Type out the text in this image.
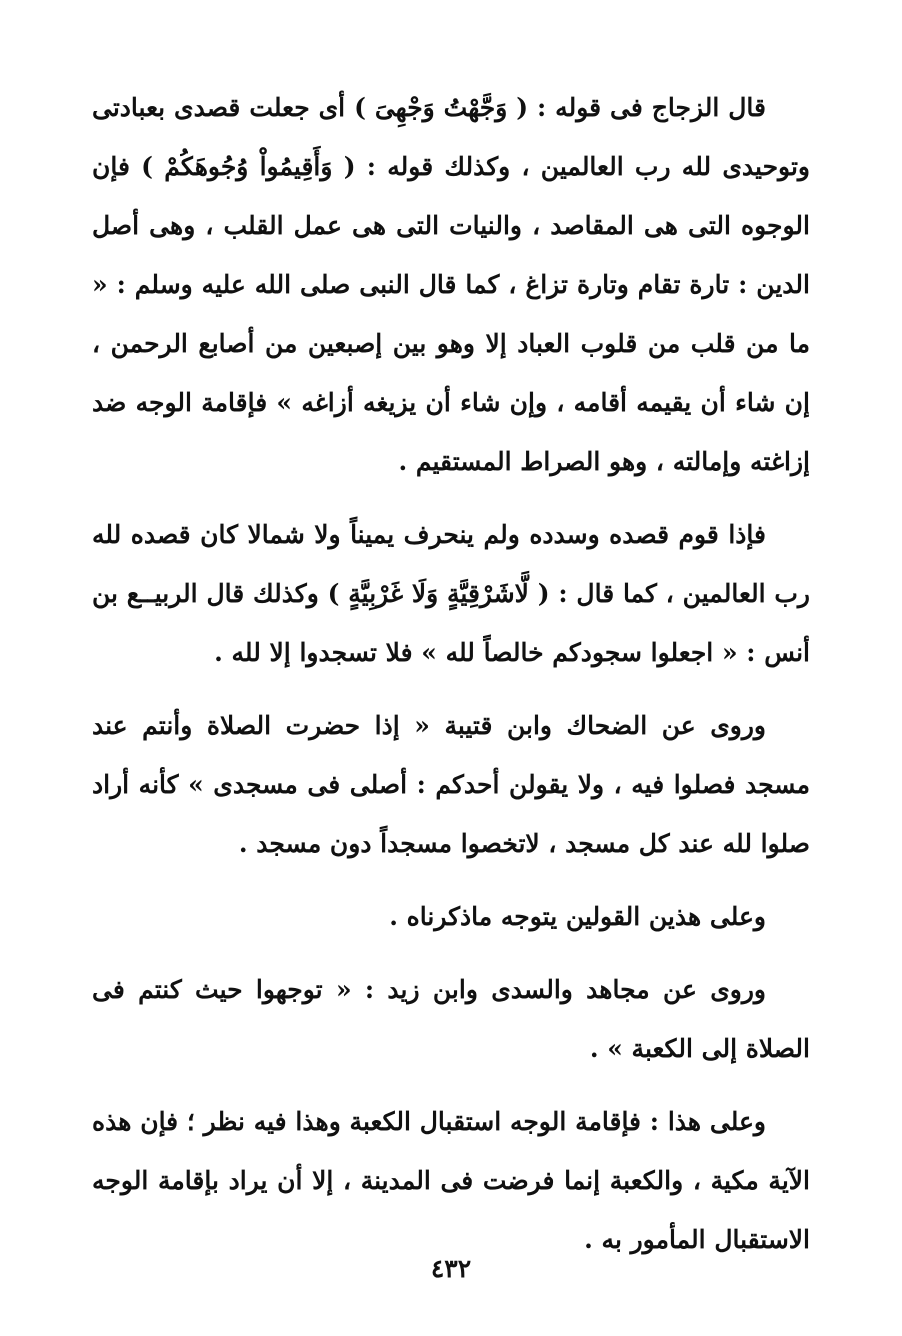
قال الزجاج فى قوله : ( وَجَّهْتُ وَجْهِىَ ) أى جعلت قصدى بعبادتى وتوحيدى لله رب العالمين ، وكذلك قوله : ( وَأَقِيمُواْ وُجُوهَكُمْ ) فإن الوجوه التى هى المقاصد ، والنيات التى هى عمل القلب ، وهى أصل الدين : تارة تقام وتارة تزاغ ، كما قال النبى صلى الله عليه وسلم : « ما من قلب من قلوب العباد إلا وهو بين إصبعين من أصابع الرحمن ، إن شاء أن يقيمه أقامه ، وإن شاء أن يزيغه أزاغه » فإقامة الوجه ضد إزاغته وإمالته ، وهو الصراط المستقيم .

فإذا قوم قصده وسدده ولم ينحرف يميناً ولا شمالا كان قصده لله رب العالمين ، كما قال : ( لَّاشَرْقِيَّةٍ وَلَا غَرْبِيَّةٍ ) وكذلك قال الربيــع بن أنس : « اجعلوا سجودكم خالصاً لله » فلا تسجدوا إلا لله .

وروى عن الضحاك وابن قتيبة « إذا حضرت الصلاة وأنتم عند مسجد فصلوا فيه ، ولا يقولن أحدكم : أصلى فى مسجدى » كأنه أراد صلوا لله عند كل مسجد ، لاتخصوا مسجداً دون مسجد .

وعلى هذين القولين يتوجه ماذكرناه .

وروى عن مجاهد والسدى وابن زيد : « توجهوا حيث كنتم فى الصلاة إلى الكعبة » .

وعلى هذا : فإقامة الوجه استقبال الكعبة وهذا فيه نظر ؛ فإن هذه الآية مكية ، والكعبة إنما فرضت فى المدينة ، إلا أن يراد بإقامة الوجه الاستقبال المأمور به .

٤٣٢
